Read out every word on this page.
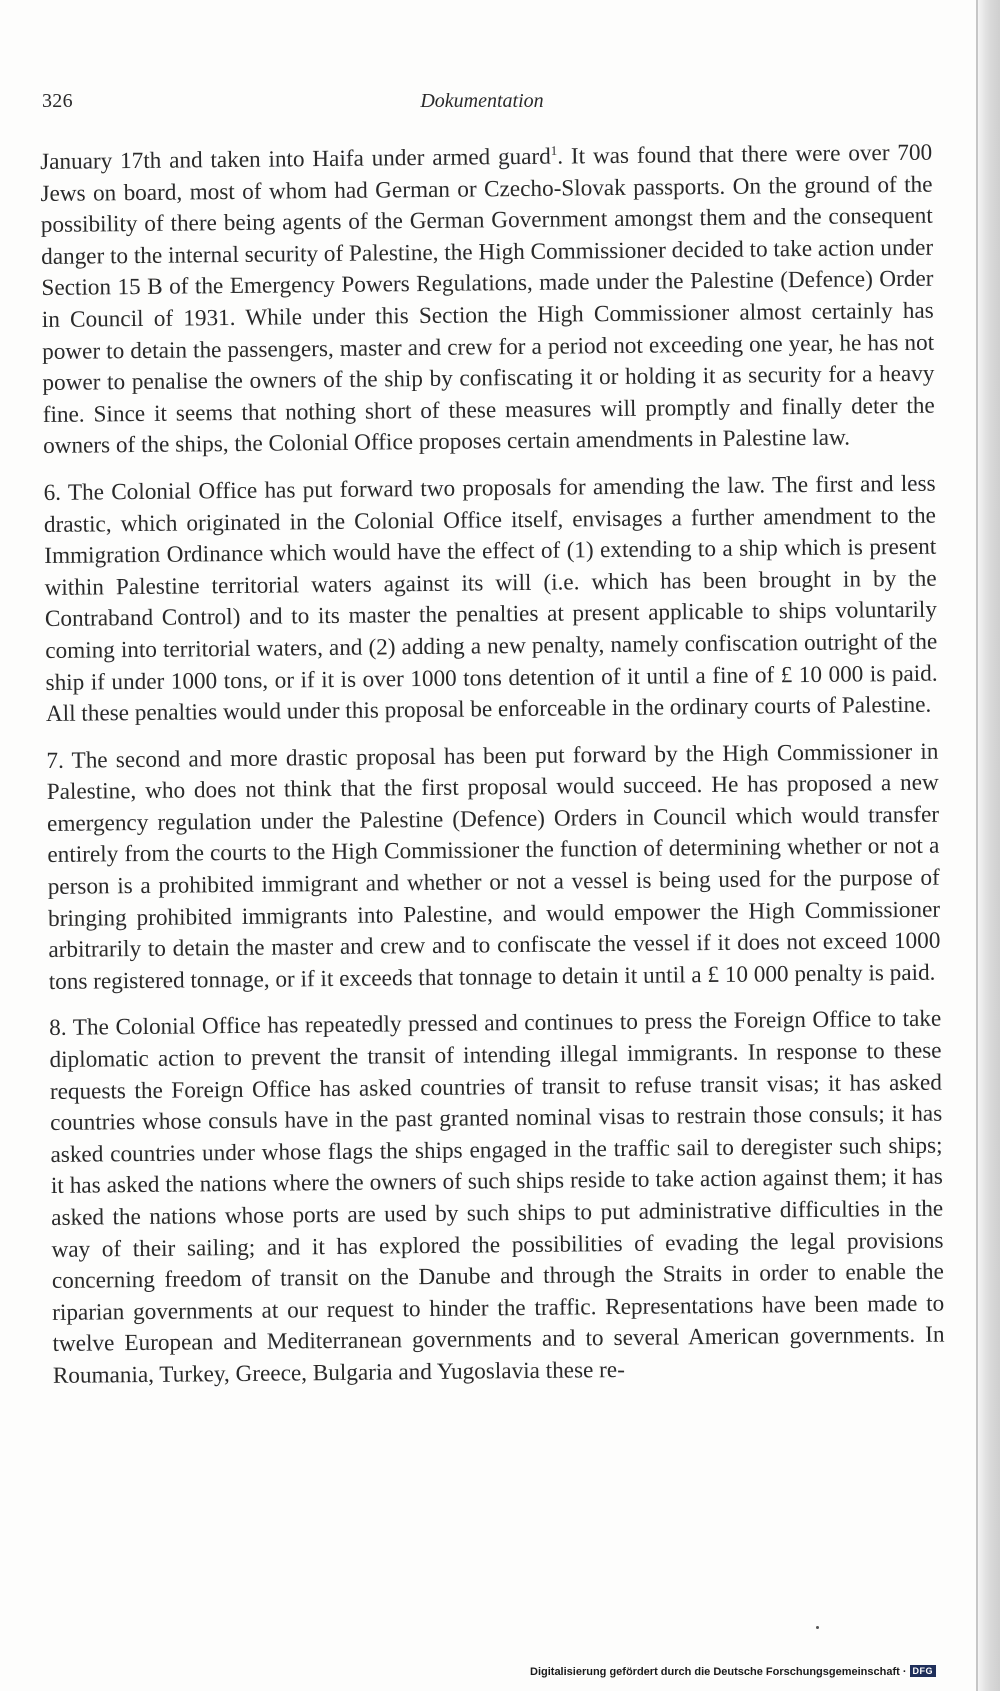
326	Dokumentation

January 17th and taken into Haifa under armed guard$^1$. It was found that there were over 700 Jews on board, most of whom had German or Czecho-Slovak passports. On the ground of the possibility of there being agents of the German Government amongst them and the consequent danger to the internal security of Palestine, the High Commissioner decided to take action under Section 15 B of the Emergency Powers Regulations, made under the Palestine (Defence) Order in Council of 1931. While under this Section the High Commissioner almost certainly has power to detain the passengers, master and crew for a period not exceeding one year, he has not power to penalise the owners of the ship by confiscating it or holding it as security for a heavy fine. Since it seems that nothing short of these measures will promptly and finally deter the owners of the ships, the Colonial Office proposes certain amendments in Palestine law.

6. The Colonial Office has put forward two proposals for amending the law. The first and less drastic, which originated in the Colonial Office itself, envisages a further amendment to the Immigration Ordinance which would have the effect of (1) extending to a ship which is present within Palestine territorial waters against its will (i.e. which has been brought in by the Contraband Control) and to its master the penalties at present applicable to ships voluntarily coming into territorial waters, and (2) adding a new penalty, namely confiscation outright of the ship if under 1000 tons, or if it is over 1000 tons detention of it until a fine of £ 10 000 is paid. All these penalties would under this proposal be enforceable in the ordinary courts of Palestine.

7. The second and more drastic proposal has been put forward by the High Commissioner in Palestine, who does not think that the first proposal would succeed. He has proposed a new emergency regulation under the Palestine (Defence) Orders in Council which would transfer entirely from the courts to the High Commissioner the function of determining whether or not a person is a prohibited immigrant and whether or not a vessel is being used for the purpose of bringing prohibited immigrants into Palestine, and would empower the High Commissioner arbitrarily to detain the master and crew and to confiscate the vessel if it does not exceed 1000 tons registered tonnage, or if it exceeds that tonnage to detain it until a £ 10 000 penalty is paid.

8. The Colonial Office has repeatedly pressed and continues to press the Foreign Office to take diplomatic action to prevent the transit of intending illegal immigrants. In response to these requests the Foreign Office has asked countries of transit to refuse transit visas; it has asked countries whose consuls have in the past granted nominal visas to restrain those consuls; it has asked countries under whose flags the ships engaged in the traffic sail to deregister such ships; it has asked the nations where the owners of such ships reside to take action against them; it has asked the nations whose ports are used by such ships to put administrative difficulties in the way of their sailing; and it has explored the possibilities of evading the legal provisions concerning freedom of transit on the Danube and through the Straits in order to enable the riparian governments at our request to hinder the traffic. Representations have been made to twelve European and Mediterranean governments and to several American governments. In Roumania, Turkey, Greece, Bulgaria and Yugoslavia these re-

Digitalisierung gefördert durch die Deutsche Forschungsgemeinschaft · DFG
